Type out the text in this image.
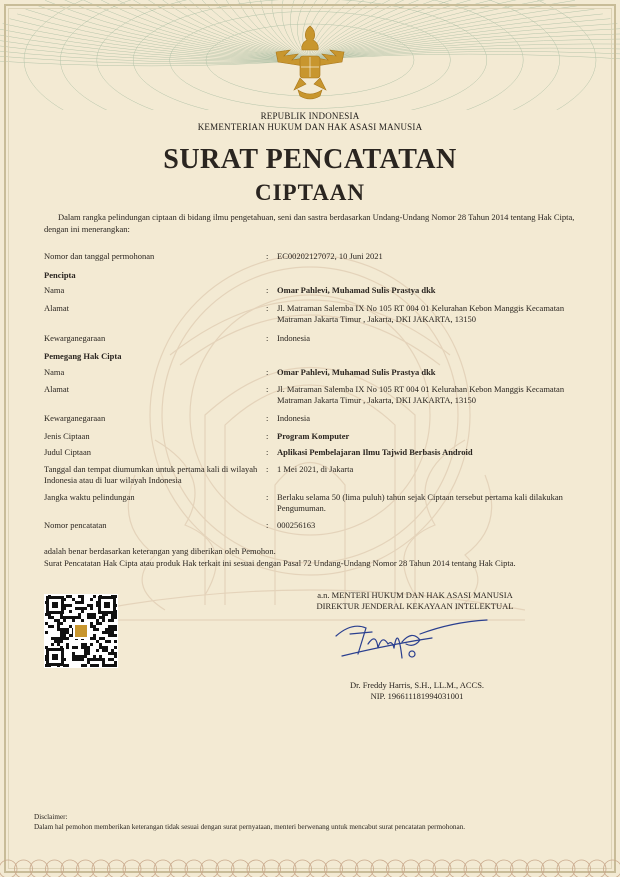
REPUBLIK INDONESIA
KEMENTERIAN HUKUM DAN HAK ASASI MANUSIA
SURAT PENCATATAN
CIPTAAN
Dalam rangka pelindungan ciptaan di bidang ilmu pengetahuan, seni dan sastra berdasarkan Undang-Undang Nomor 28 Tahun 2014 tentang Hak Cipta, dengan ini menerangkan:
Nomor dan tanggal permohonan	: EC00202127072, 10 Juni 2021
Pencipta
Nama	: Omar Pahlevi, Muhamad Sulis Prastya dkk
Alamat	: Jl. Matraman Salemba IX No 105 RT 004 01 Kelurahan Kebon Manggis Kecamatan Matraman Jakarta Timur , Jakarta, DKI JAKARTA, 13150
Kewarganegaraan	: Indonesia
Pemegang Hak Cipta
Nama	: Omar Pahlevi, Muhamad Sulis Prastya dkk
Alamat	: Jl. Matraman Salemba IX No 105 RT 004 01 Kelurahan Kebon Manggis Kecamatan Matraman Jakarta Timur , Jakarta, DKI JAKARTA, 13150
Kewarganegaraan	: Indonesia
Jenis Ciptaan	: Program Komputer
Judul Ciptaan	: Aplikasi Pembelajaran Ilmu Tajwid Berbasis Android
Tanggal dan tempat diumumkan untuk pertama kali di wilayah Indonesia atau di luar wilayah Indonesia
: 1 Mei 2021, di Jakarta
Jangka waktu pelindungan	: Berlaku selama 50 (lima puluh) tahun sejak Ciptaan tersebut pertama kali dilakukan Pengumuman.
Nomor pencatatan	: 000256163
adalah benar berdasarkan keterangan yang diberikan oleh Pemohon.
Surat Pencatatan Hak Cipta atau produk Hak terkait ini sesuai dengan Pasal 72 Undang-Undang Nomor 28 Tahun 2014 tentang Hak Cipta.
a.n. MENTERI HUKUM DAN HAK ASASI MANUSIA
DIREKTUR JENDERAL KEKAYAAN INTELEKTUAL
Dr. Freddy Harris, S.H., LL.M., ACCS.
NIP. 196611181994031001
Disclaimer:
Dalam hal pemohon memberikan keterangan tidak sesuai dengan surat pernyataan, menteri berwenang untuk mencabut surat pencatatan permohonan.
